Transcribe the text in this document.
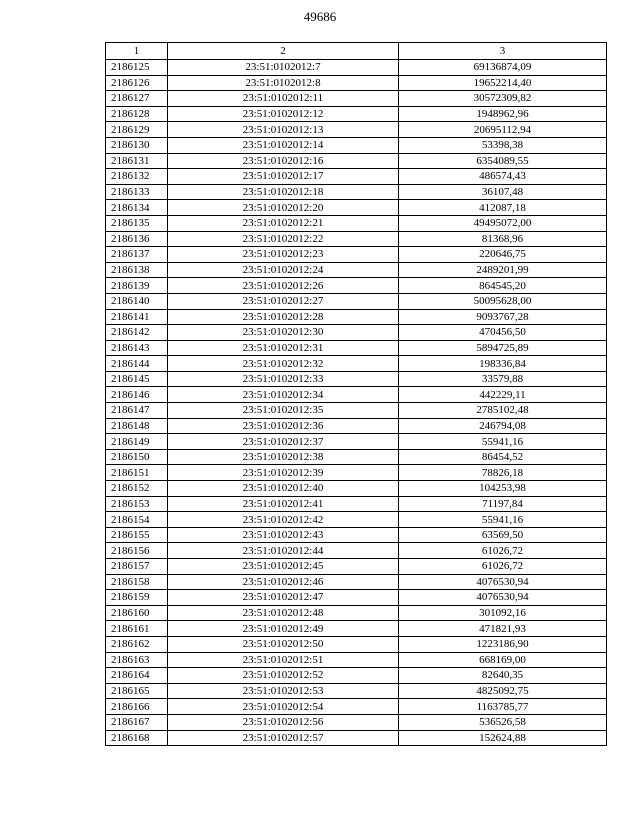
49686
1	2	3
2186125	23:51:0102012:7	69136874,09
2186126	23:51:0102012:8	19652214,40
2186127	23:51:0102012:11	30572309,82
2186128	23:51:0102012:12	1948962,96
2186129	23:51:0102012:13	20695112,94
2186130	23:51:0102012:14	53398,38
2186131	23:51:0102012:16	6354089,55
2186132	23:51:0102012:17	486574,43
2186133	23:51:0102012:18	36107,48
2186134	23:51:0102012:20	412087,18
2186135	23:51:0102012:21	49495072,00
2186136	23:51:0102012:22	81368,96
2186137	23:51:0102012:23	220646,75
2186138	23:51:0102012:24	2489201,99
2186139	23:51:0102012:26	864545,20
2186140	23:51:0102012:27	50095628,00
2186141	23:51:0102012:28	9093767,28
2186142	23:51:0102012:30	470456,50
2186143	23:51:0102012:31	5894725,89
2186144	23:51:0102012:32	198336,84
2186145	23:51:0102012:33	33579,88
2186146	23:51:0102012:34	442229,11
2186147	23:51:0102012:35	2785102,48
2186148	23:51:0102012:36	246794,08
2186149	23:51:0102012:37	55941,16
2186150	23:51:0102012:38	86454,52
2186151	23:51:0102012:39	78826,18
2186152	23:51:0102012:40	104253,98
2186153	23:51:0102012:41	71197,84
2186154	23:51:0102012:42	55941,16
2186155	23:51:0102012:43	63569,50
2186156	23:51:0102012:44	61026,72
2186157	23:51:0102012:45	61026,72
2186158	23:51:0102012:46	4076530,94
2186159	23:51:0102012:47	4076530,94
2186160	23:51:0102012:48	301092,16
2186161	23:51:0102012:49	471821,93
2186162	23:51:0102012:50	1223186,90
2186163	23:51:0102012:51	668169,00
2186164	23:51:0102012:52	82640,35
2186165	23:51:0102012:53	4825092,75
2186166	23:51:0102012:54	1163785,77
2186167	23:51:0102012:56	536526,58
2186168	23:51:0102012:57	152624,88
